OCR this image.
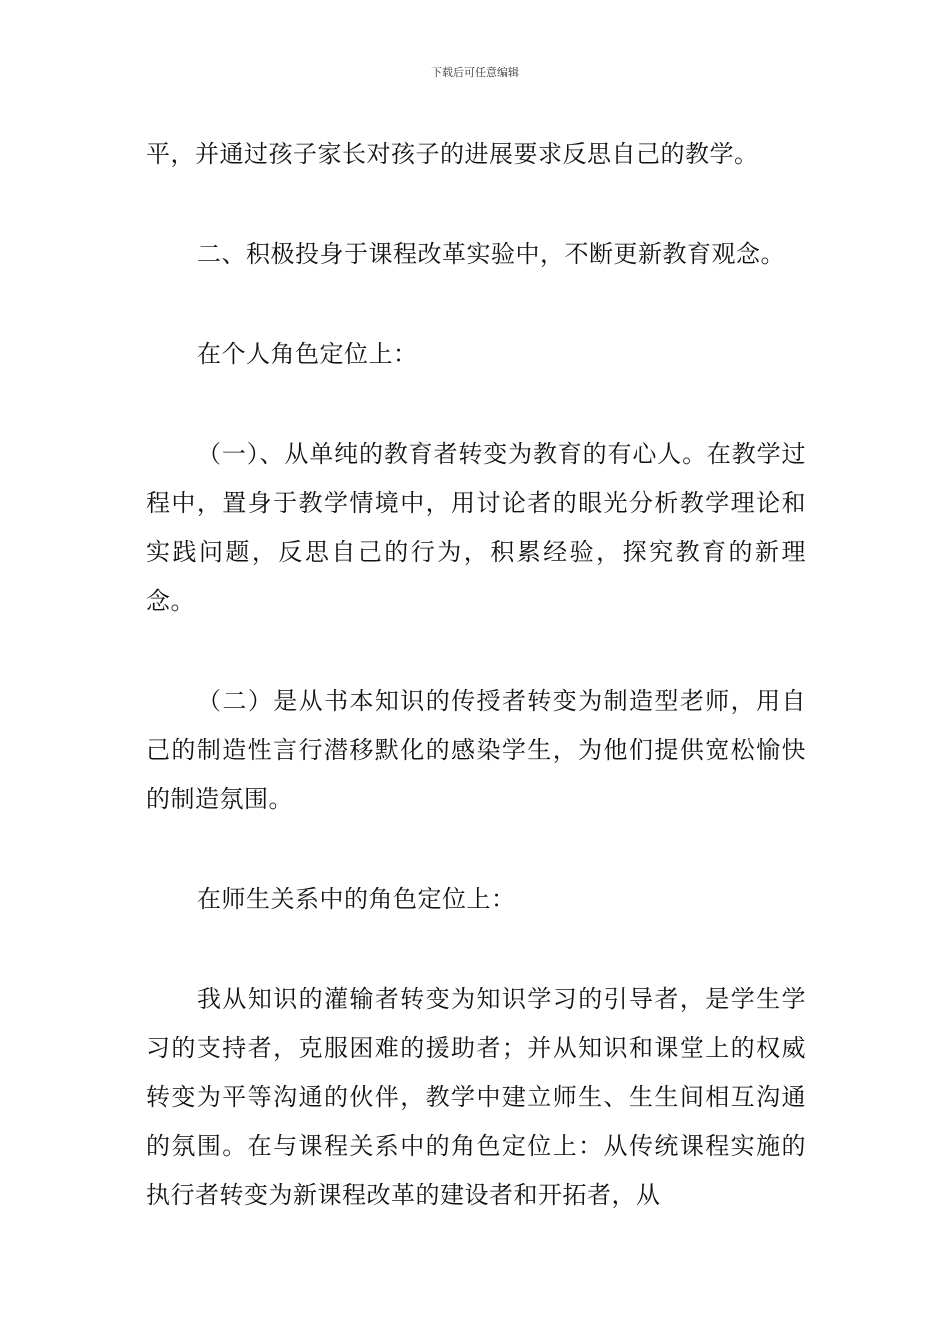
下载后可任意编辑

平，并通过孩子家长对孩子的进展要求反思自己的教学。

二、积极投身于课程改革实验中，不断更新教育观念。

在个人角色定位上：

（一）、从单纯的教育者转变为教育的有心人。在教学过程中，置身于教学情境中，用讨论者的眼光分析教学理论和实践问题，反思自己的行为，积累经验，探究教育的新理念。

（二）是从书本知识的传授者转变为制造型老师，用自己的制造性言行潜移默化的感染学生，为他们提供宽松愉快的制造氛围。

在师生关系中的角色定位上：

我从知识的灌输者转变为知识学习的引导者，是学生学习的支持者，克服困难的援助者；并从知识和课堂上的权威转变为平等沟通的伙伴，教学中建立师生、生生间相互沟通的氛围。在与课程关系中的角色定位上：从传统课程实施的执行者转变为新课程改革的建设者和开拓者，从
